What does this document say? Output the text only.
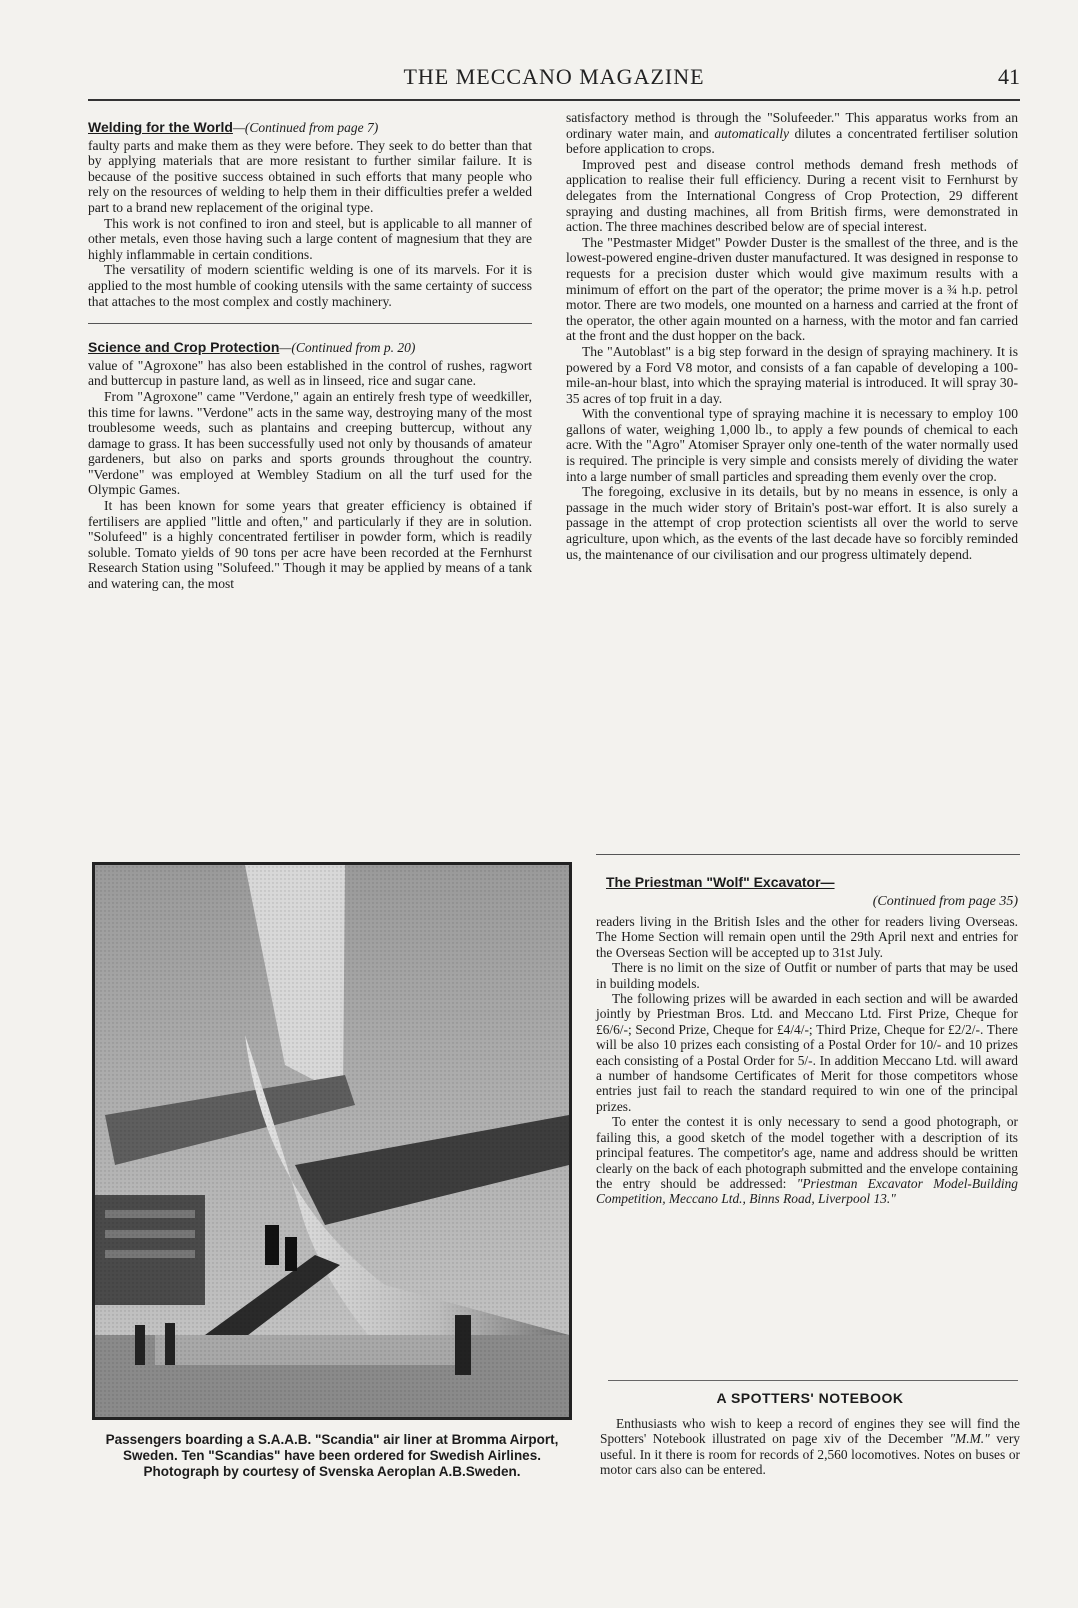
THE MECCANO MAGAZINE	41
Welding for the World—(Continued from page 7)

faulty parts and make them as they were before. They seek to do better than that by applying materials that are more resistant to further similar failure. It is because of the positive success obtained in such efforts that many people who rely on the resources of welding to help them in their difficulties prefer a welded part to a brand new replacement of the original type.

This work is not confined to iron and steel, but is applicable to all manner of other metals, even those having such a large content of magnesium that they are highly inflammable in certain conditions.

The versatility of modern scientific welding is one of its marvels. For it is applied to the most humble of cooking utensils with the same certainty of success that attaches to the most complex and costly machinery.

Science and Crop Protection—(Continued from p. 20)

value of "Agroxone" has also been established in the control of rushes, ragwort and buttercup in pasture land, as well as in linseed, rice and sugar cane.

From "Agroxone" came "Verdone," again an entirely fresh type of weedkiller, this time for lawns. "Verdone" acts in the same way, destroying many of the most troublesome weeds, such as plantains and creeping buttercup, without any damage to grass. It has been successfully used not only by thousands of amateur gardeners, but also on parks and sports grounds throughout the country. "Verdone" was employed at Wembley Stadium on all the turf used for the Olympic Games.

It has been known for some years that greater efficiency is obtained if fertilisers are applied "little and often," and particularly if they are in solution. "Solufeed" is a highly concentrated fertiliser in powder form, which is readily soluble. Tomato yields of 90 tons per acre have been recorded at the Fernhurst Research Station using "Solufeed." Though it may be applied by means of a tank and watering can, the most

satisfactory method is through the "Solufeeder." This apparatus works from an ordinary water main, and automatically dilutes a concentrated fertiliser solution before application to crops.

Improved pest and disease control methods demand fresh methods of application to realise their full efficiency. During a recent visit to Fernhurst by delegates from the International Congress of Crop Protection, 29 different spraying and dusting machines, all from British firms, were demonstrated in action. The three machines described below are of special interest.

The "Pestmaster Midget" Powder Duster is the smallest of the three, and is the lowest-powered engine-driven duster manufactured. It was designed in response to requests for a precision duster which would give maximum results with a minimum of effort on the part of the operator; the prime mover is a ¾ h.p. petrol motor. There are two models, one mounted on a harness and carried at the front of the operator, the other again mounted on a harness, with the motor and fan carried at the front and the dust hopper on the back.

The "Autoblast" is a big step forward in the design of spraying machinery. It is powered by a Ford V8 motor, and consists of a fan capable of developing a 100-mile-an-hour blast, into which the spraying material is introduced. It will spray 30-35 acres of top fruit in a day.

With the conventional type of spraying machine it is necessary to employ 100 gallons of water, weighing 1,000 lb., to apply a few pounds of chemical to each acre. With the "Agro" Atomiser Sprayer only one-tenth of the water normally used is required. The principle is very simple and consists merely of dividing the water into a large number of small particles and spreading them evenly over the crop.

The foregoing, exclusive in its details, but by no means in essence, is only a passage in the much wider story of Britain's post-war effort. It is also surely a passage in the attempt of crop protection scientists all over the world to serve agriculture, upon which, as the events of the last decade have so forcibly reminded us, the maintenance of our civilisation and our progress ultimately depend.

Passengers boarding a S.A.A.B. "Scandia" air liner at Bromma Airport, Sweden. Ten "Scandias" have been ordered for Swedish Airlines. Photograph by courtesy of Svenska Aeroplan A.B.Sweden.
The Priestman "Wolf" Excavator—
(Continued from page 35)

readers living in the British Isles and the other for readers living Overseas. The Home Section will remain open until the 29th April next and entries for the Overseas Section will be accepted up to 31st July.

There is no limit on the size of Outfit or number of parts that may be used in building models.

The following prizes will be awarded in each section and will be awarded jointly by Priestman Bros. Ltd. and Meccano Ltd. First Prize, Cheque for £6/6/-; Second Prize, Cheque for £4/4/-; Third Prize, Cheque for £2/2/-. There will be also 10 prizes each consisting of a Postal Order for 10/- and 10 prizes each consisting of a Postal Order for 5/-. In addition Meccano Ltd. will award a number of handsome Certificates of Merit for those competitors whose entries just fail to reach the standard required to win one of the principal prizes.

To enter the contest it is only necessary to send a good photograph, or failing this, a good sketch of the model together with a description of its principal features. The competitor's age, name and address should be written clearly on the back of each photograph submitted and the envelope containing the entry should be addressed: "Priestman Excavator Model-Building Competition, Meccano Ltd., Binns Road, Liverpool 13."

A SPOTTERS' NOTEBOOK

Enthusiasts who wish to keep a record of engines they see will find the Spotters' Notebook illustrated on page xiv of the December "M.M." very useful. In it there is room for records of 2,560 locomotives. Notes on buses or motor cars also can be entered.
